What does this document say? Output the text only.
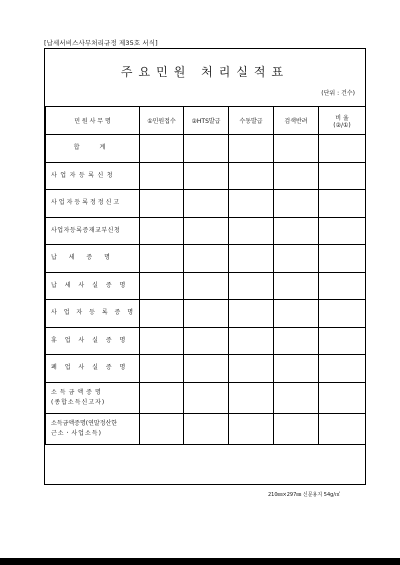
[납세서비스사무처리규정 제35호 서식]
주요민원 처리실적표
(단위 : 건수)
민 원 사 무 명	①민원접수	②HTS발급	수동발급	검색반려	비 율
(②/①)

합 계					
사업자등록신청					
사업자등록정정신고					
사업자등록증재교부신청					
납 세 증 명					
납 세 사 실 증 명					
사 업 자 등 록 증 명					
휴 업 사 실 증 명					
폐 업 사 실 증 명					

소득금액증명
(종합소득신고자)					

소득금액증명(연말정산한
근소ㆍ사업소득)					

210㎜×297㎜ 신문용지 54g/㎡
